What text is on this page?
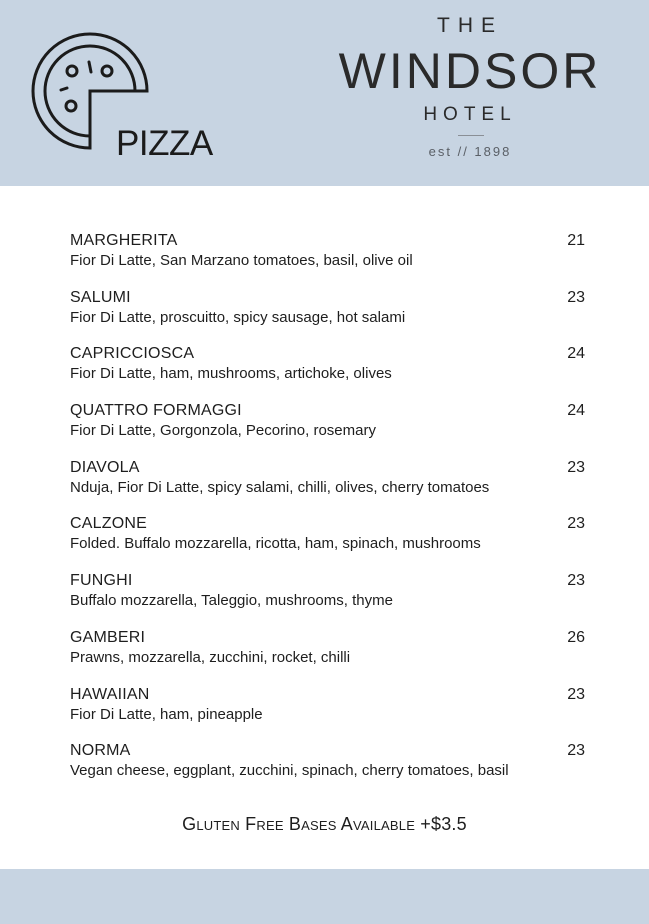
PIZZA
THE
WINDSOR
HOTEL
est // 1898
MARGHERITA	21
Fior Di Latte, San Marzano tomatoes, basil, olive oil
SALUMI	23
Fior Di Latte, proscuitto, spicy sausage, hot salami
CAPRICCIOSCA	24
Fior Di Latte, ham, mushrooms, artichoke, olives
QUATTRO FORMAGGI	24
Fior Di Latte, Gorgonzola, Pecorino, rosemary
DIAVOLA	23
Nduja, Fior Di Latte, spicy salami, chilli, olives, cherry tomatoes
CALZONE	23
Folded. Buffalo mozzarella, ricotta, ham, spinach, mushrooms
FUNGHI	23
Buffalo mozzarella, Taleggio, mushrooms, thyme
GAMBERI	26
Prawns, mozzarella, zucchini, rocket, chilli
HAWAIIAN	23
Fior Di Latte, ham, pineapple
NORMA	23
Vegan cheese, eggplant, zucchini, spinach, cherry tomatoes, basil
Gluten Free Bases Available +$3.5
